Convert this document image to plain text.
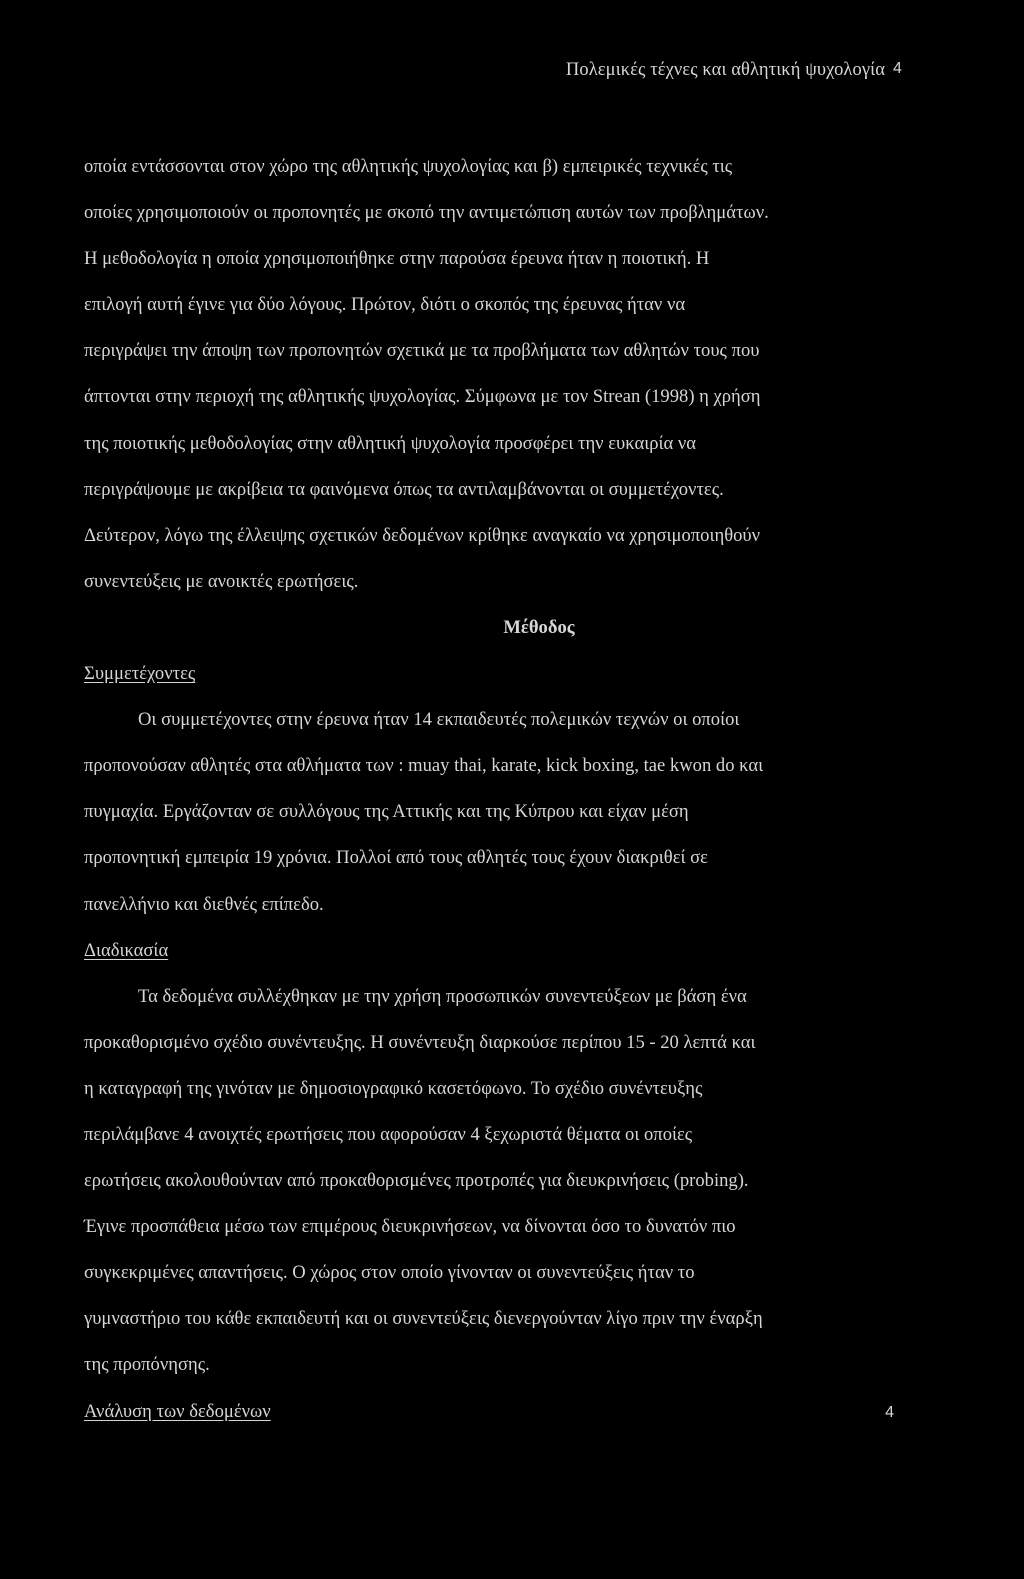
Πολεμικές τέχνες και αθλητική ψυχολογία 4
οποία εντάσσονται στον χώρο της αθλητικής ψυχολογίας και β) εμπειρικές τεχνικές τις
οποίες χρησιμοποιούν οι προπονητές με σκοπό την αντιμετώπιση αυτών των προβλημάτων.
Η μεθοδολογία η οποία χρησιμοποιήθηκε στην παρούσα έρευνα ήταν η ποιοτική. Η
επιλογή αυτή έγινε για δύο λόγους. Πρώτον, διότι ο σκοπός της έρευνας ήταν να
περιγράψει την άποψη των προπονητών σχετικά με τα προβλήματα των αθλητών τους που
άπτονται στην περιοχή της αθλητικής ψυχολογίας. Σύμφωνα με τον Strean (1998) η χρήση
της ποιοτικής μεθοδολογίας στην αθλητική ψυχολογία προσφέρει την ευκαιρία να
περιγράψουμε με ακρίβεια τα φαινόμενα όπως τα αντιλαμβάνονται οι συμμετέχοντες.
Δεύτερον, λόγω της έλλειψης σχετικών δεδομένων κρίθηκε αναγκαίο να χρησιμοποιηθούν
συνεντεύξεις με ανοικτές ερωτήσεις.
Μέθοδος
Συμμετέχοντες
Οι συμμετέχοντες στην έρευνα ήταν 14 εκπαιδευτές πολεμικών τεχνών οι οποίοι
προπονούσαν αθλητές στα αθλήματα των : muay thai, karate, kick boxing, tae kwon do και
πυγμαχία. Εργάζονταν σε συλλόγους της Αττικής και της Κύπρου και είχαν μέση
προπονητική εμπειρία 19 χρόνια. Πολλοί από τους αθλητές τους έχουν διακριθεί σε
πανελλήνιο και διεθνές επίπεδο.
Διαδικασία
Τα δεδομένα συλλέχθηκαν με την χρήση προσωπικών συνεντεύξεων με βάση ένα
προκαθορισμένο σχέδιο συνέντευξης. Η συνέντευξη διαρκούσε περίπου 15 - 20 λεπτά και
η καταγραφή της γινόταν με δημοσιογραφικό κασετόφωνο. Το σχέδιο συνέντευξης
περιλάμβανε 4 ανοιχτές ερωτήσεις που αφορούσαν 4 ξεχωριστά θέματα οι οποίες
ερωτήσεις ακολουθούνταν από προκαθορισμένες προτροπές για διευκρινήσεις (probing).
Έγινε προσπάθεια μέσω των επιμέρους διευκρινήσεων, να δίνονται όσο το δυνατόν πιο
συγκεκριμένες απαντήσεις. Ο χώρος στον οποίο γίνονταν οι συνεντεύξεις ήταν το
γυμναστήριο του κάθε εκπαιδευτή και οι συνεντεύξεις διενεργούνταν λίγο πριν την έναρξη
της προπόνησης.
Ανάλυση των δεδομένων	4
